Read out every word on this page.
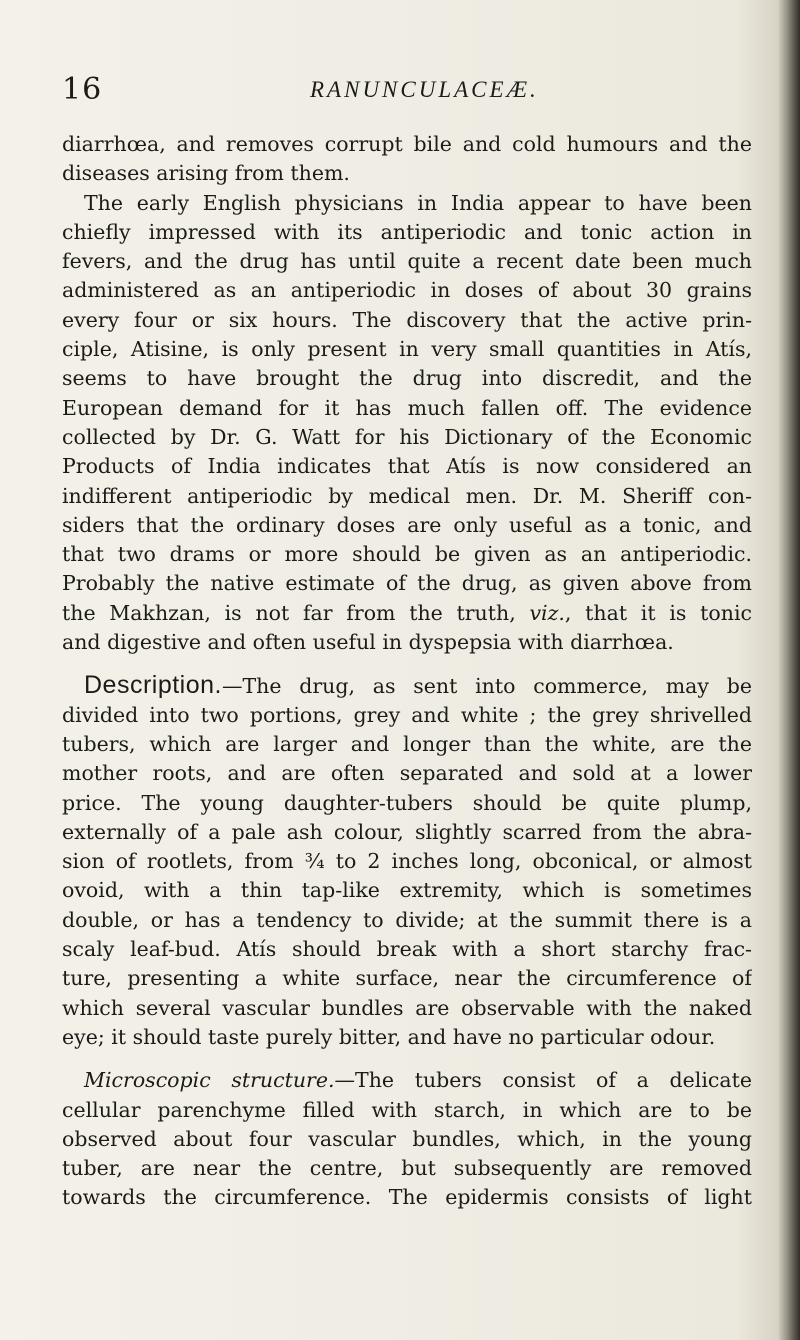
16	RANUNCULACEÆ.
diarrhœa, and removes corrupt bile and cold humours and the
diseases arising from them.
The early English physicians in India appear to have been
chiefly impressed with its antiperiodic and tonic action in
fevers, and the drug has until quite a recent date been much
administered as an antiperiodic in doses of about 30 grains
every four or six hours. The discovery that the active prin-
ciple, Atisine, is only present in very small quantities in Atís,
seems to have brought the drug into discredit, and the
European demand for it has much fallen off. The evidence
collected by Dr. G. Watt for his Dictionary of the Economic
Products of India indicates that Atís is now considered an
indifferent antiperiodic by medical men. Dr. M. Sheriff con-
siders that the ordinary doses are only useful as a tonic, and
that two drams or more should be given as an antiperiodic.
Probably the native estimate of the drug, as given above from
the Makhzan, is not far from the truth, viz., that it is tonic
and digestive and often useful in dyspepsia with diarrhœa.
Description.—The drug, as sent into commerce, may be
divided into two portions, grey and white ; the grey shrivelled
tubers, which are larger and longer than the white, are the
mother roots, and are often separated and sold at a lower
price. The young daughter-tubers should be quite plump,
externally of a pale ash colour, slightly scarred from the abra-
sion of rootlets, from ¾ to 2 inches long, obconical, or almost
ovoid, with a thin tap-like extremity, which is sometimes
double, or has a tendency to divide; at the summit there is a
scaly leaf-bud. Atís should break with a short starchy frac-
ture, presenting a white surface, near the circumference of
which several vascular bundles are observable with the naked
eye; it should taste purely bitter, and have no particular odour.
Microscopic structure.—The tubers consist of a delicate
cellular parenchyme filled with starch, in which are to be
observed about four vascular bundles, which, in the young
tuber, are near the centre, but subsequently are removed
towards the circumference. The epidermis consists of light
